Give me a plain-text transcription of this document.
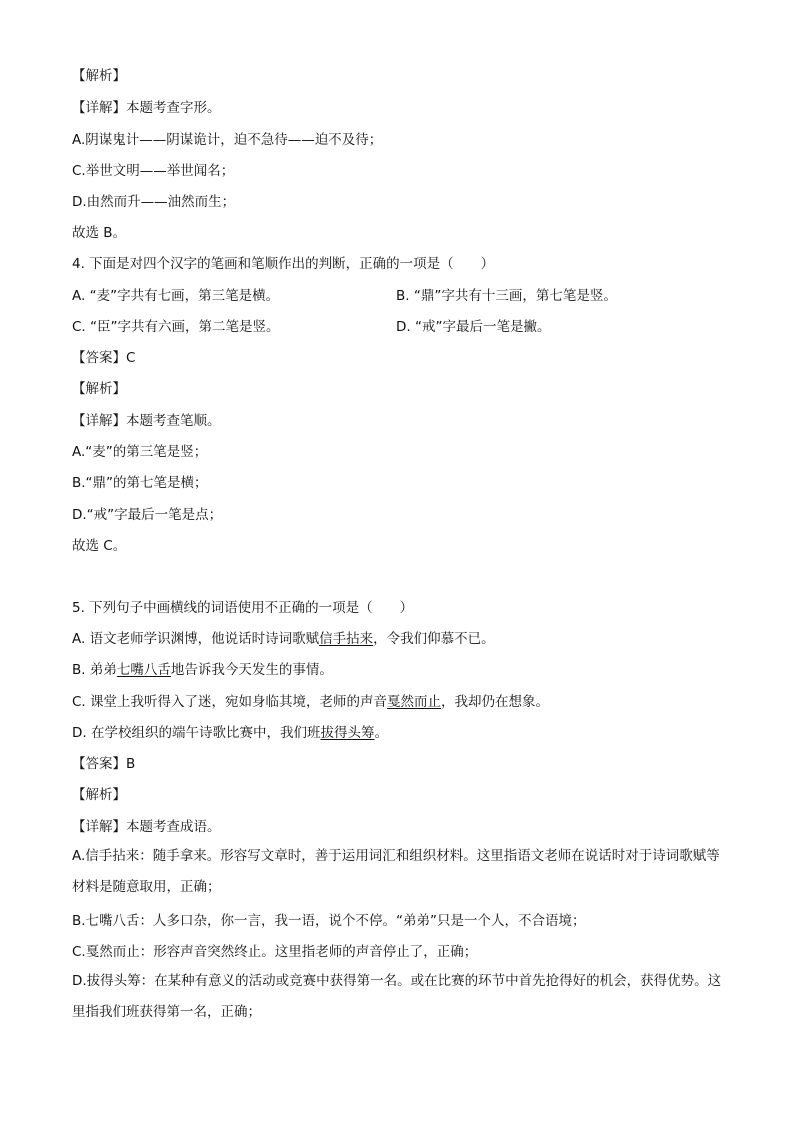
【解析】
【详解】本题考查字形。
A.阴谋鬼计——阴谋诡计，迫不急待——迫不及待；
C.举世文明——举世闻名；
D.由然而升——油然而生；
故选 B。
4. 下面是对四个汉字的笔画和笔顺作出的判断，正确的一项是（　　）
A. “麦”字共有七画，第三笔是横。	B. “鼎”字共有十三画，第七笔是竖。
C. “臣”字共有六画，第二笔是竖。	D. “戒”字最后一笔是撇。
【答案】C
【解析】
【详解】本题考查笔顺。
A.“麦”的第三笔是竖；
B.“鼎”的第七笔是横；
D.“戒”字最后一笔是点；
故选 C。
5. 下列句子中画横线的词语使用不正确的一项是（　　）
A. 语文老师学识渊博，他说话时诗词歌赋信手拈来，令我们仰慕不已。
B. 弟弟七嘴八舌地告诉我今天发生的事情。
C. 课堂上我听得入了迷，宛如身临其境，老师的声音戛然而止，我却仍在想象。
D. 在学校组织的端午诗歌比赛中，我们班拔得头筹。
【答案】B
【解析】
【详解】本题考查成语。
A.信手拈来：随手拿来。形容写文章时，善于运用词汇和组织材料。这里指语文老师在说话时对于诗词歌赋等材料是随意取用，正确；
B.七嘴八舌：人多口杂，你一言，我一语，说个不停。“弟弟”只是一个人，不合语境；
C.戛然而止：形容声音突然终止。这里指老师的声音停止了，正确；
D.拔得头筹：在某种有意义的活动或竞赛中获得第一名。或在比赛的环节中首先抢得好的机会，获得优势。这里指我们班获得第一名，正确；
